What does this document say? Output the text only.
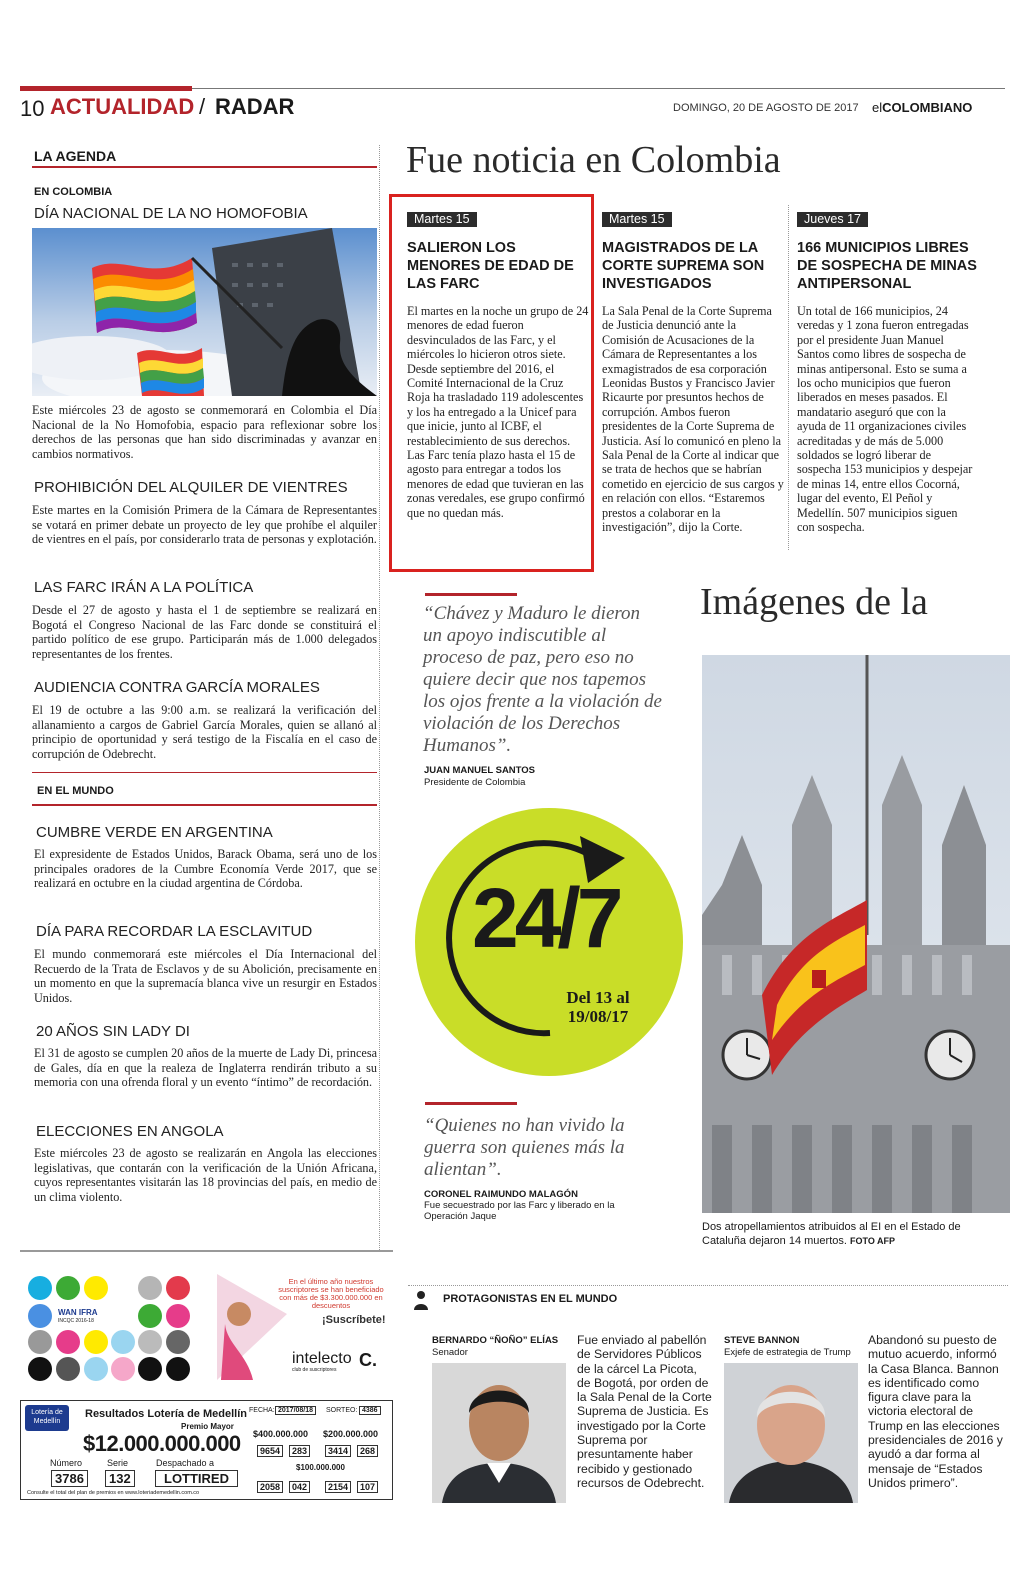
10 ACTUALIDAD / RADAR	DOMINGO, 20 DE AGOSTO DE 2017 elCOLOMBIANO
LA AGENDA
EN COLOMBIA
DÍA NACIONAL DE LA NO HOMOFOBIA
Este miércoles 23 de agosto se conmemorará en Colombia el Día Nacional de la No Homofobia, espacio para reflexionar sobre los derechos de las personas que han sido discriminadas y avanzar en cambios normativos.
PROHIBICIÓN DEL ALQUILER DE VIENTRES
Este martes en la Comisión Primera de la Cámara de Representantes se votará en primer debate un proyecto de ley que prohíbe el alquiler de vientres en el país, por considerarlo trata de personas y explotación.
LAS FARC IRÁN A LA POLÍTICA
Desde el 27 de agosto y hasta el 1 de septiembre se realizará en Bogotá el Congreso Nacional de las Farc donde se constituirá el partido político de ese grupo. Participarán más de 1.000 delegados representantes de los frentes.
AUDIENCIA CONTRA GARCÍA MORALES
El 19 de octubre a las 9:00 a.m. se realizará la verificación del allanamiento a cargos de Gabriel García Morales, quien se allanó al principio de oportunidad y será testigo de la Fiscalía en el caso de corrupción de Odebrecht.
EN EL MUNDO
CUMBRE VERDE EN ARGENTINA
El expresidente de Estados Unidos, Barack Obama, será uno de los principales oradores de la Cumbre Economía Verde 2017, que se realizará en octubre en la ciudad argentina de Córdoba.
DÍA PARA RECORDAR LA ESCLAVITUD
El mundo conmemorará este miércoles el Día Internacional del Recuerdo de la Trata de Esclavos y de su Abolición, precisamente en un momento en que la supremacía blanca vive un resurgir en Estados Unidos.
20 AÑOS SIN LADY DI
El 31 de agosto se cumplen 20 años de la muerte de Lady Di, princesa de Gales, día en que la realeza de Inglaterra rendirán tributo a su memoria con una ofrenda floral y un evento “íntimo” de recordación.
ELECCIONES EN ANGOLA
Este miércoles 23 de agosto se realizarán en Angola las elecciones legislativas, que contarán con la verificación de la Unión Africana, cuyos representantes visitarán las 18 provincias del país, en medio de un clima violento.
Fue noticia en Colombia
Martes 15
SALIERON LOS MENORES DE EDAD DE LAS FARC
El martes en la noche un grupo de 24 menores de edad fueron desvinculados de las Farc, y el miércoles lo hicieron otros siete. Desde septiembre del 2016, el Comité Internacional de la Cruz Roja ha trasladado 119 adolescentes y los ha entregado a la Unicef para que inicie, junto al ICBF, el restablecimiento de sus derechos. Las Farc tenía plazo hasta el 15 de agosto para entregar a todos los menores de edad que tuvieran en las zonas veredales, ese grupo confirmó que no quedan más.
Martes 15
MAGISTRADOS DE LA CORTE SUPREMA SON INVESTIGADOS
La Sala Penal de la Corte Suprema de Justicia denunció ante la Comisión de Acusaciones de la Cámara de Representantes a los exmagistrados de esa corporación Leonidas Bustos y Francisco Javier Ricaurte por presuntos hechos de corrupción. Ambos fueron presidentes de la Corte Suprema de Justicia. Así lo comunicó en pleno la Sala Penal de la Corte al indicar que se trata de hechos que se habrían cometido en ejercicio de sus cargos y en relación con ellos. “Estaremos prestos a colaborar en la investigación”, dijo la Corte.
Jueves 17
166 MUNICIPIOS LIBRES DE SOSPECHA DE MINAS ANTIPERSONAL
Un total de 166 municipios, 24 veredas y 1 zona fueron entregadas por el presidente Juan Manuel Santos como libres de sospecha de minas antipersonal. Esto se suma a los ocho municipios que fueron liberados en meses pasados. El mandatario aseguró que con la ayuda de 11 organizaciones civiles acreditadas y de más de 5.000 soldados se logró liberar de sospecha 153 municipios y despejar de minas 14, entre ellos Cocorná, lugar del evento, El Peñol y Medellín. 507 municipios siguen con sospecha.
“Chávez y Maduro le dieron un apoyo indiscutible al proceso de paz, pero eso no quiere decir que nos tapemos los ojos frente a la violación de violación de los Derechos Humanos”.
JUAN MANUEL SANTOS
Presidente de Colombia
24/7
Del 13 al 19/08/17
“Quienes no han vivido la guerra son quienes más la alientan”.
CORONEL RAIMUNDO MALAGÓN
Fue secuestrado por las Farc y liberado en la Operación Jaque
Imágenes de la
Dos atropellamientos atribuidos al EI en el Estado de Cataluña dejaron 14 muertos. FOTO AFP
WAN IFRA
INCQC 2016-18
En el último año nuestros suscriptores se han beneficiado con más de $3.300.000.000 en descuentos
¡Suscríbete!
intelecto
club de suscriptores C.
Lotería de Medellín
Resultados Lotería de Medellín
Premio Mayor
$12.000.000.000
Número
3786
Serie
132
Despachado a
LOTTIRED
FECHA: 2017/08/18	SORTEO: 4386
$400.000.000
9654	283
$200.000.000
3414	268
$100.000.000
2058	042	2154	107
Consulte el total del plan de premios en www.loteriademedellin.com.co
PROTAGONISTAS EN EL MUNDO
BERNARDO “ÑOÑO” ELÍAS
Senador
Fue enviado al pabellón de Servidores Públicos de la cárcel La Picota, de Bogotá, por orden de la Sala Penal de la Corte Suprema de Justicia. Es investigado por la Corte Suprema por presuntamente haber recibido y gestionado recursos de Odebrecht.
STEVE BANNON
Exjefe de estrategia de Trump
Abandonó su puesto de mutuo acuerdo, informó la Casa Blanca. Bannon es identificado como figura clave para la victoria electoral de Trump en las elecciones presidenciales de 2016 y ayudó a dar forma al mensaje de “Estados Unidos primero”.
